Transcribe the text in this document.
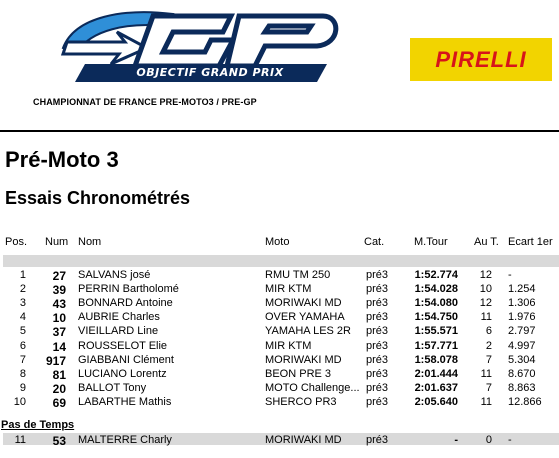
OBJECTIF GRAND PRIX
CHAMPIONNAT DE FRANCE PRE-MOTO3 / PRE-GP
PIRELLI
Pré-Moto 3
Essais Chronométrés
Pos. Num Nom	Moto	Cat.	M.Tour Au T. Ecart 1er
1	27 SALVANS josé	RMU TM 250	pré3	1:52.774	12 -
2	39 PERRIN Bartholomé	MIR KTM	pré3	1:54.028	10 1.254
3	43 BONNARD Antoine	MORIWAKI MD	pré3	1:54.080	12 1.306
4	10 AUBRIE Charles	OVER YAMAHA	pré3	1:54.750	11 1.976
5	37 VIEILLARD Line	YAMAHA LES 2R	pré3	1:55.571	6 2.797
6	14 ROUSSELOT Elie	MIR KTM	pré3	1:57.771	2 4.997
7	917 GIABBANI Clément	MORIWAKI MD	pré3	1:58.078	7 5.304
8	81 LUCIANO Lorentz	BEON PRE 3	pré3	2:01.444	11 8.670
9	20 BALLOT Tony	MOTO Challenge... pré3	2:01.637	7 8.863
10	69 LABARTHE Mathis	SHERCO PR3	pré3	2:05.640	11 12.866
Pas de Temps
11	53 MALTERRE Charly	MORIWAKI MD	pré3	-	0 -
